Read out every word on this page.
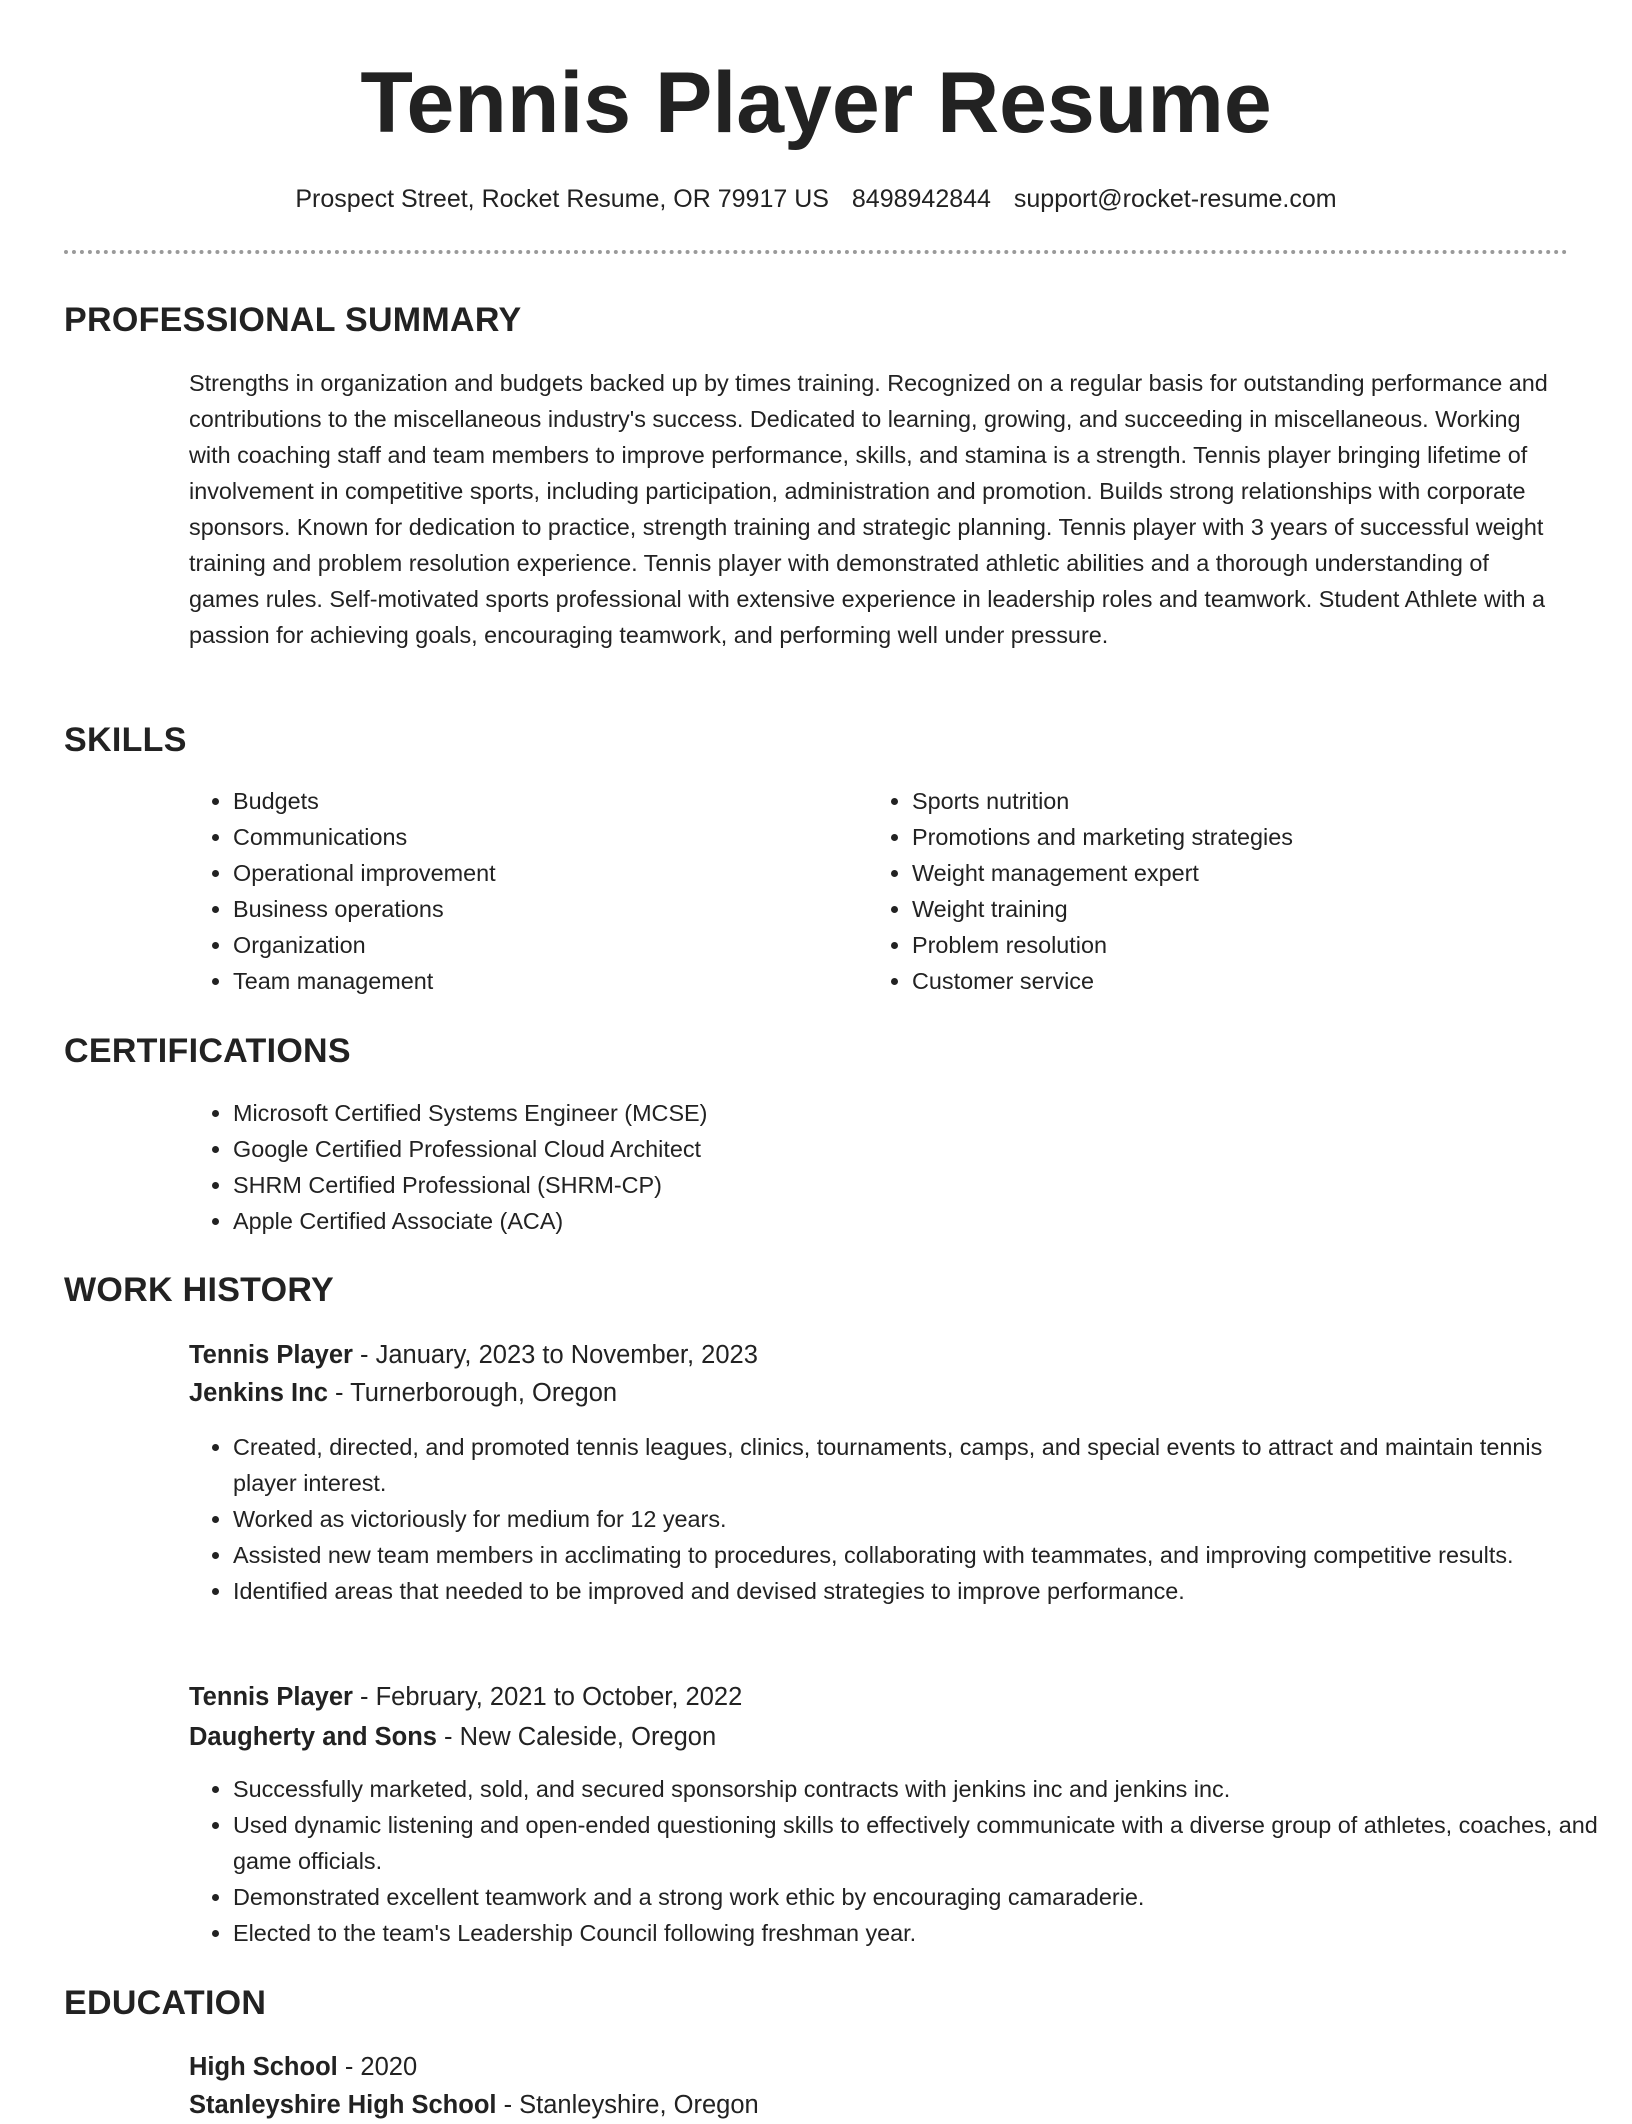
Tennis Player Resume
Prospect Street, Rocket Resume, OR 79917 US 8498942844 support@rocket-resume.com
PROFESSIONAL SUMMARY

Strengths in organization and budgets backed up by times training. Recognized on a regular basis for outstanding performance and contributions to the miscellaneous industry's success. Dedicated to learning, growing, and succeeding in miscellaneous. Working with coaching staff and team members to improve performance, skills, and stamina is a strength. Tennis player bringing lifetime of involvement in competitive sports, including participation, administration and promotion. Builds strong relationships with corporate sponsors. Known for dedication to practice, strength training and strategic planning. Tennis player with 3 years of successful weight training and problem resolution experience. Tennis player with demonstrated athletic abilities and a thorough understanding of games rules. Self-motivated sports professional with extensive experience in leadership roles and teamwork. Student Athlete with a passion for achieving goals, encouraging teamwork, and performing well under pressure.

SKILLS
• Budgets
• Communications
• Operational improvement
• Business operations
• Organization
• Team management
• Sports nutrition
• Promotions and marketing strategies
• Weight management expert
• Weight training
• Problem resolution
• Customer service
CERTIFICATIONS
• Microsoft Certified Systems Engineer (MCSE)
• Google Certified Professional Cloud Architect
• SHRM Certified Professional (SHRM-CP)
• Apple Certified Associate (ACA)
WORK HISTORY
Tennis Player - January, 2023 to November, 2023
Jenkins Inc - Turnerborough, Oregon
• Created, directed, and promoted tennis leagues, clinics, tournaments, camps, and special events to attract and maintain tennis player interest.
• Worked as victoriously for medium for 12 years.
• Assisted new team members in acclimating to procedures, collaborating with teammates, and improving competitive results.
• Identified areas that needed to be improved and devised strategies to improve performance.
Tennis Player - February, 2021 to October, 2022
Daugherty and Sons - New Caleside, Oregon
• Successfully marketed, sold, and secured sponsorship contracts with jenkins inc and jenkins inc.
• Used dynamic listening and open-ended questioning skills to effectively communicate with a diverse group of athletes, coaches, and game officials.
• Demonstrated excellent teamwork and a strong work ethic by encouraging camaraderie.
• Elected to the team's Leadership Council following freshman year.
EDUCATION
High School - 2020
Stanleyshire High School - Stanleyshire, Oregon
